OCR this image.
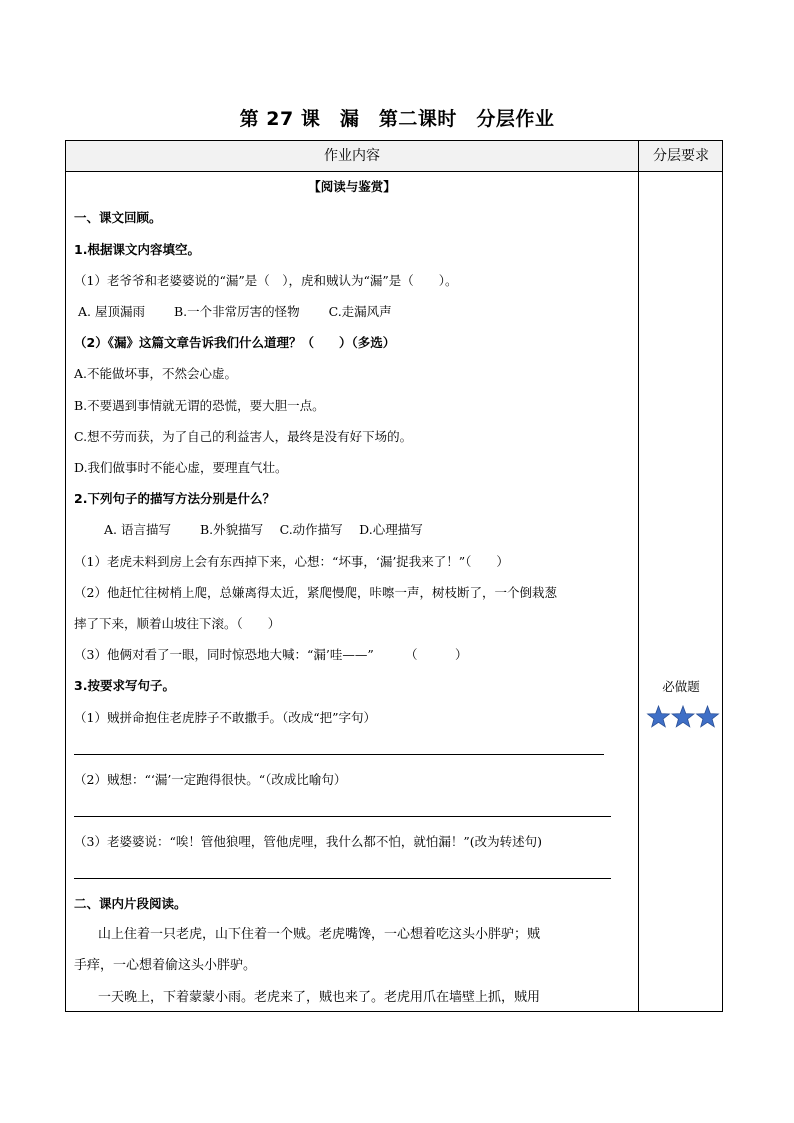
第 27 课　漏　第二课时　分层作业
作业内容	分层要求
【阅读与鉴赏】
一、课文回顾。
1.根据课文内容填空。
（1）老爷爷和老婆婆说的“漏”是（　），虎和贼认为“漏”是（　　）。
A. 屋顶漏雨　　 B.一个非常厉害的怪物　　 C.走漏风声
（2）《漏》这篇文章告诉我们什么道理？（　　）（多选）
A.不能做坏事，不然会心虚。
B.不要遇到事情就无谓的恐慌，要大胆一点。
C.想不劳而获，为了自己的利益害人，最终是没有好下场的。
D.我们做事时不能心虚，要理直气壮。
2.下列句子的描写方法分别是什么？
A. 语言描写　　 B.外貌描写　 C.动作描写　 D.心理描写
（1）老虎未料到房上会有东西掉下来，心想：“坏事，‘漏’捉我来了！”（　　）
（2）他赶忙往树梢上爬，总嫌离得太近，紧爬慢爬，咔嚓一声，树枝断了，一个倒栽葱
摔了下来，顺着山坡往下滚。（　　）
（3）他俩对看了一眼，同时惊恐地大喊：“漏’哇——”　　　（　　　）
3.按要求写句子。
（1）贼拼命抱住老虎脖子不敢撒手。（改成“把”字句）
（2）贼想：“‘漏’一定跑得很快。“（改成比喻句）
（3）老婆婆说：“唉！管他狼哩，管他虎哩，我什么都不怕，就怕漏！”(改为转述句)
二、课内片段阅读。
山上住着一只老虎，山下住着一个贼。老虎嘴馋，一心想着吃这头小胖驴；贼
手痒，一心想着偷这头小胖驴。
一天晚上，下着蒙蒙小雨。老虎来了，贼也来了。老虎用爪在墙壁上抓，贼用
必做题
